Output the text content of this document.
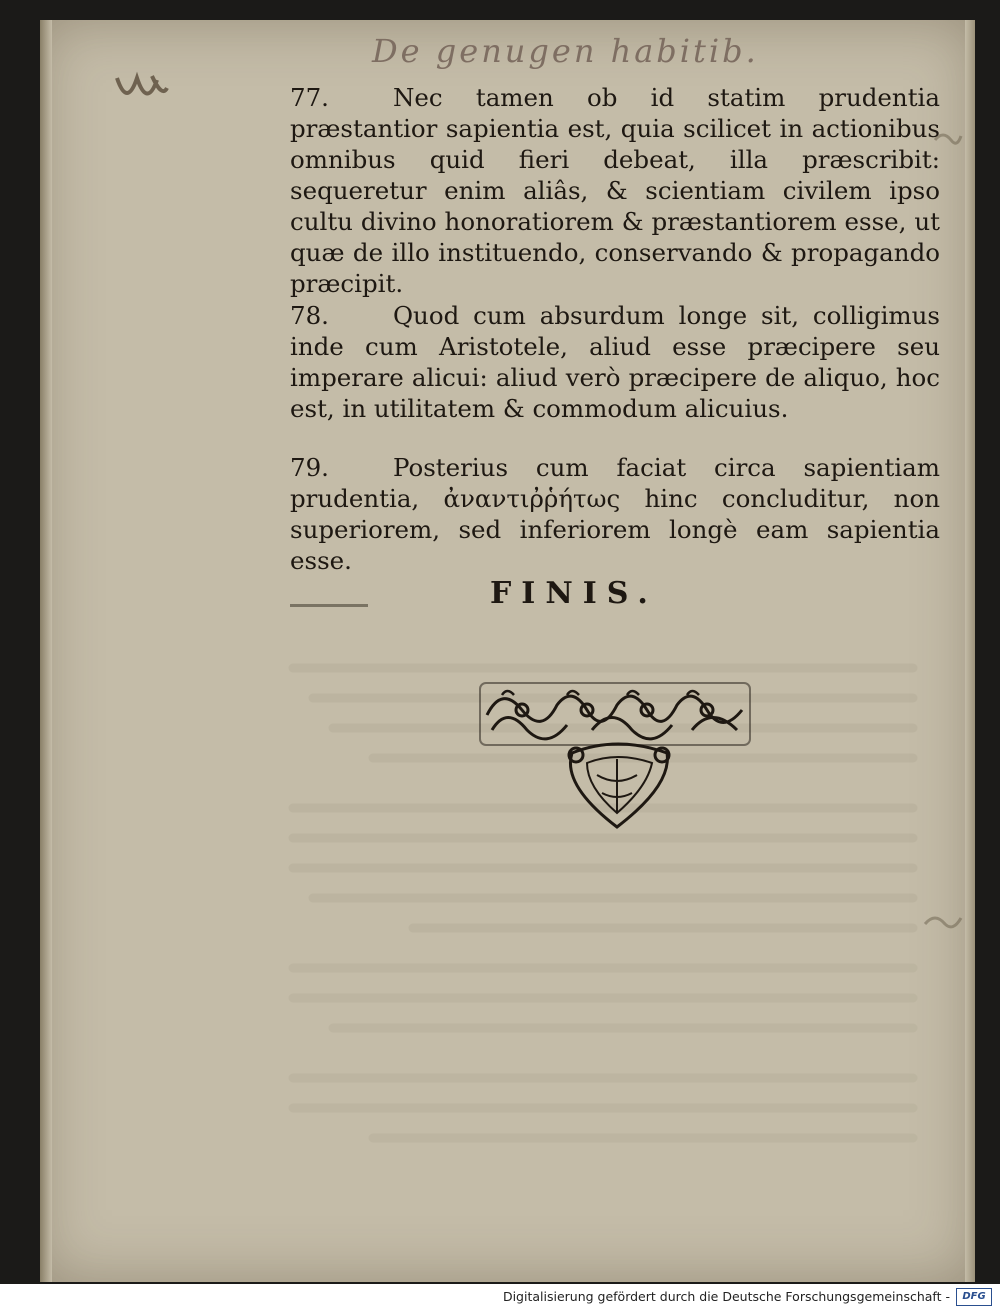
De genugen habitib.
77.	Nec tamen ob id statim prudentia præstantior sapientia est, quia scilicet in actionibus omnibus quid fieri debeat, illa præscribit: sequeretur enim aliâs, & scientiam civilem ipso cultu divino honoratiorem & præstantiorem esse, ut quæ de illo instituendo, conservando & propagando præcipit.
78.	Quod cum absurdum longe sit, colligimus inde cum Aristotele, aliud esse præcipere seu imperare alicui: aliud verò præcipere de aliquo, hoc est, in utilitatem & commodum alicuius.
79.	Posterius cum faciat circa sapientiam prudentia, ἀναντιῤῥήτως hinc concluditur, non superiorem, sed inferiorem longè eam sapientia esse.
FINIS.
Digitalisierung gefördert durch die Deutsche Forschungsgemeinschaft -	DFG
